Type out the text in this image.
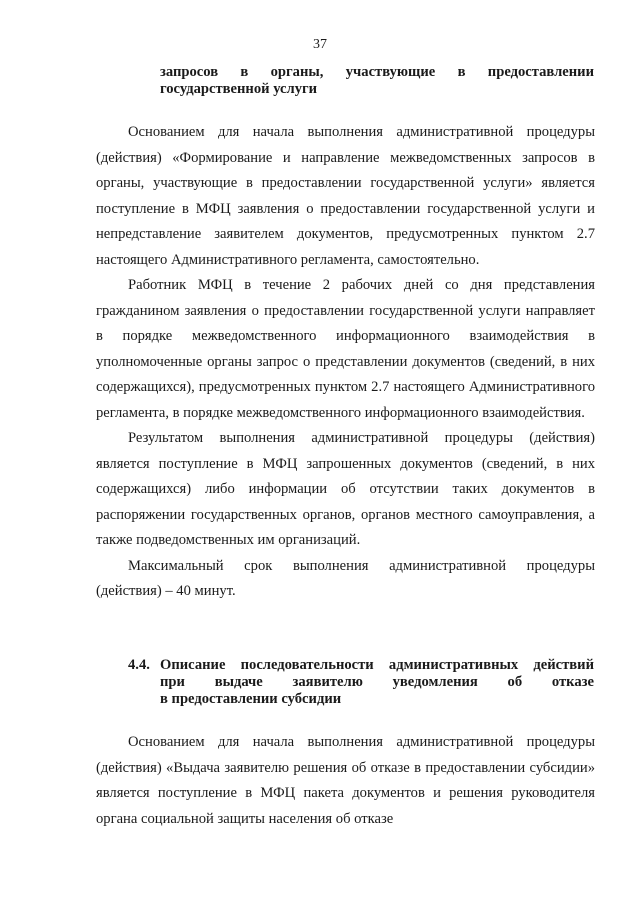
37
запросов в органы, участвующие в предоставлении
государственной услуги

Основанием для начала выполнения административной процедуры (действия) «Формирование и направление межведомственных запросов в органы, участвующие в предоставлении государственной услуги» является поступление в МФЦ заявления о предоставлении государственной услуги и непредставление заявителем документов, предусмотренных пунктом 2.7 настоящего Административного регламента, самостоятельно.

Работник МФЦ в течение 2 рабочих дней со дня представления гражданином заявления о предоставлении государственной услуги направляет в порядке межведомственного информационного взаимодействия в уполномоченные органы запрос о представлении документов (сведений, в них содержащихся), предусмотренных пунктом 2.7 настоящего Административного регламента, в порядке межведомственного информационного взаимодействия.

Результатом выполнения административной процедуры (действия) является поступление в МФЦ запрошенных документов (сведений, в них содержащихся) либо информации об отсутствии таких документов в распоряжении государственных органов, органов местного самоуправления, а также подведомственных им организаций.

Максимальный срок выполнения административной процедуры (действия) – 40 минут.

4.4. Описание последовательности административных действий
при выдаче заявителю уведомления об отказе
в предоставлении субсидии

Основанием для начала выполнения административной процедуры (действия) «Выдача заявителю решения об отказе в предоставлении субсидии» является поступление в МФЦ пакета документов и решения руководителя органа социальной защиты населения об отказе
